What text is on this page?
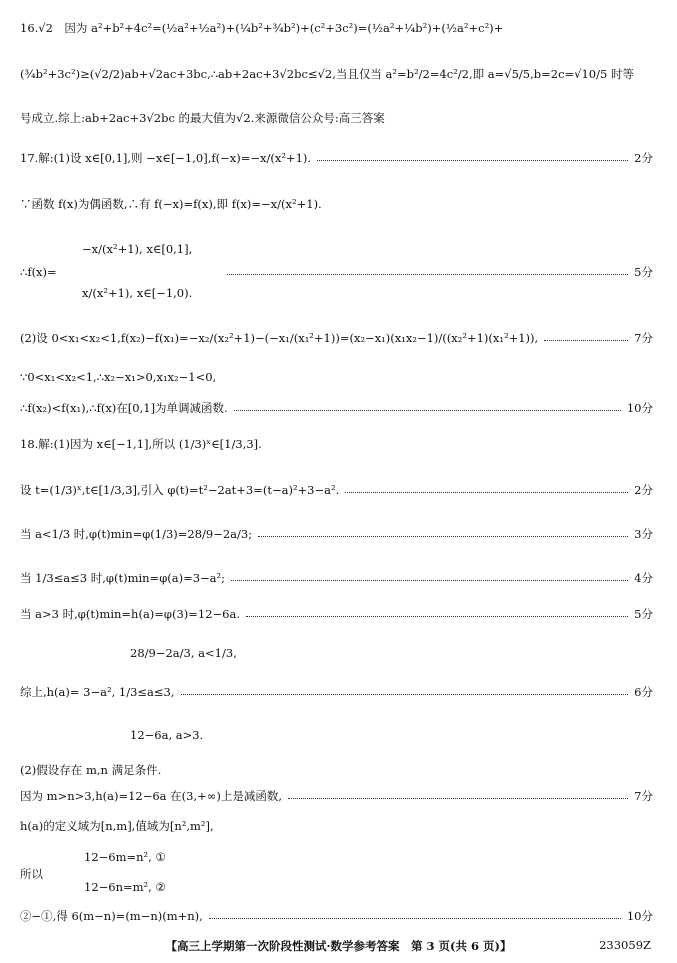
16.√2　因为 a²+b²+4c²=(½a²+½a²)+(¼b²+¾b²)+(c²+3c²)=(½a²+¼b²)+(½a²+c²)+
(¾b²+3c²)≥(√2/2)ab+√2ac+3bc,∴ab+2ac+3√2bc≤√2,当且仅当 a²=b²/2=4c²/2,即 a=√5/5,b=2c=√10/5 时等
号成立.综上:ab+2ac+3√2bc 的最大值为√2.来源微信公众号:高三答案
17.解:(1)设 x∈[0,1],则 −x∈[−1,0],f(−x)=−x/(x²+1).	2分
∵函数 f(x)为偶函数,∴有 f(−x)=f(x),即 f(x)=−x/(x²+1).
−x/(x²+1), x∈[0,1],
∴f(x)=	5分
x/(x²+1), x∈[−1,0).
(2)设 0<x₁<x₂<1,f(x₂)−f(x₁)=−x₂/(x₂²+1)−(−x₁/(x₁²+1))=(x₂−x₁)(x₁x₂−1)/((x₂²+1)(x₁²+1)),	7分
∵0<x₁<x₂<1,∴x₂−x₁>0,x₁x₂−1<0,
∴f(x₂)<f(x₁),∴f(x)在[0,1]为单调减函数.	10分
18.解:(1)因为 x∈[−1,1],所以 (1/3)ˣ∈[1/3,3].
设 t=(1/3)ˣ,t∈[1/3,3],引入 φ(t)=t²−2at+3=(t−a)²+3−a².	2分
当 a<1/3 时,φ(t)min=φ(1/3)=28/9−2a/3;	3分
当 1/3≤a≤3 时,φ(t)min=φ(a)=3−a²;	4分
当 a>3 时,φ(t)min=h(a)=φ(3)=12−6a.	5分
28/9−2a/3, a<1/3,
综上,h(a)= 3−a², 1/3≤a≤3,	6分
12−6a, a>3.
(2)假设存在 m,n 满足条件.
因为 m>n>3,h(a)=12−6a 在(3,+∞)上是减函数,	7分
h(a)的定义域为[n,m],值域为[n²,m²],
12−6m=n², ①
所以
12−6n=m², ②
②−①,得 6(m−n)=(m−n)(m+n),	10分
【高三上学期第一次阶段性测试·数学参考答案　第 3 页(共 6 页)】	233059Z
